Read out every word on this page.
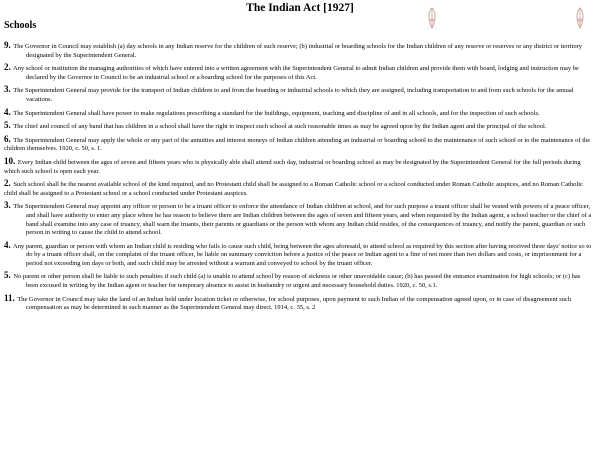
The Indian Act [1927]
Schools

9. The Governor in Council may establish (a) day schools in any Indian reserve for the children of such reserve; (b) industrial or boarding schools for the Indian children of any reserve or reserves or any district or territory designated by the Superintendent General.

2. Any school or institution the managing authorities of which have entered into a written agreement with the Superintendent General to admit Indian children and provide them with board, lodging and instruction may be declared by the Governor in Council to be an industrial school or a boarding school for the purposes of this Act.

3. The Superintendent General may provide for the transport of Indian children to and from the boarding or industrial schools to which they are assigned, including transportation to and from such schools for the annual vacations.

4. The Superintendent General shall have power to make regulations prescribing a standard for the buildings, equipment, teaching and discipline of and in all schools, and for the inspection of such schools.

5. The chief and council of any band that has children in a school shall have the right to inspect such school at such reasonable times as may be agreed upon by the Indian agent and the principal of the school.

6. The Superintendent General may apply the whole or any part of the annuities and interest moneys of Indian children attending an industrial or boarding school to the maintenance of such school or to the maintenance of the children themselves. 1920, c. 50, s. 1.

10. Every Indian child between the ages of seven and fifteen years who is physically able shall attend such day, industrial or boarding school as may be designated by the Superintendent General for the full periods during which such school is open each year.

2. Such school shall be the nearest available school of the kind required, and no Protestant child shall be assigned to a Roman Catholic school or a school conducted under Roman Catholic auspices, and no Roman Catholic child shall be assigned to a Protestant school or a school conducted under Protestant auspices.

3. The Superintendent General may appoint any officer or person to be a truant officer to enforce the attendance of Indian children at school, and for such purpose a truant officer shall be vested with powers of a peace officer, and shall have authority to enter any place where he has reason to believe there are Indian children between the ages of seven and fifteen years, and when requested by the Indian agent, a school teacher or the chief of a band shall examine into any case of truancy, shall warn the truants, their parents or guardians or the person with whom any Indian child resides, of the consequences of truancy, and notify the parent, guardian or such person in writing to cause the child to attend school.

4. Any parent, guardian or person with whom an Indian child is residing who fails to cause such child, being between the ages aforesaid, to attend school as required by this section after having received three days' notice so to do by a truant officer shall, on the complaint of the truant officer, be liable on summary conviction before a justice of the peace or Indian agent to a fine of not more than two dollars and costs, or imprisonment for a period not exceeding ten days or both, and such child may be arrested without a warrant and conveyed to school by the truant officer.

5. No parent or other person shall be liable to such penalties if such child (a) is unable to attend school by reason of sickness or other unavoidable cause; (b) has passed the entrance examination for high schools; or (c) has been excused in writing by the Indian agent or teacher for temporary absence to assist in husbandry or urgent and necessary household duties. 1920, c. 50, s.1.

11. The Governor in Council may take the land of an Indian held under location ticket or otherwise, for school purposes, upon payment to such Indian of the compensation agreed upon, or in case of disagreement such compensation as may be determined in such manner as the Superintendent General may direct. 1914, c. 35, s. 2
